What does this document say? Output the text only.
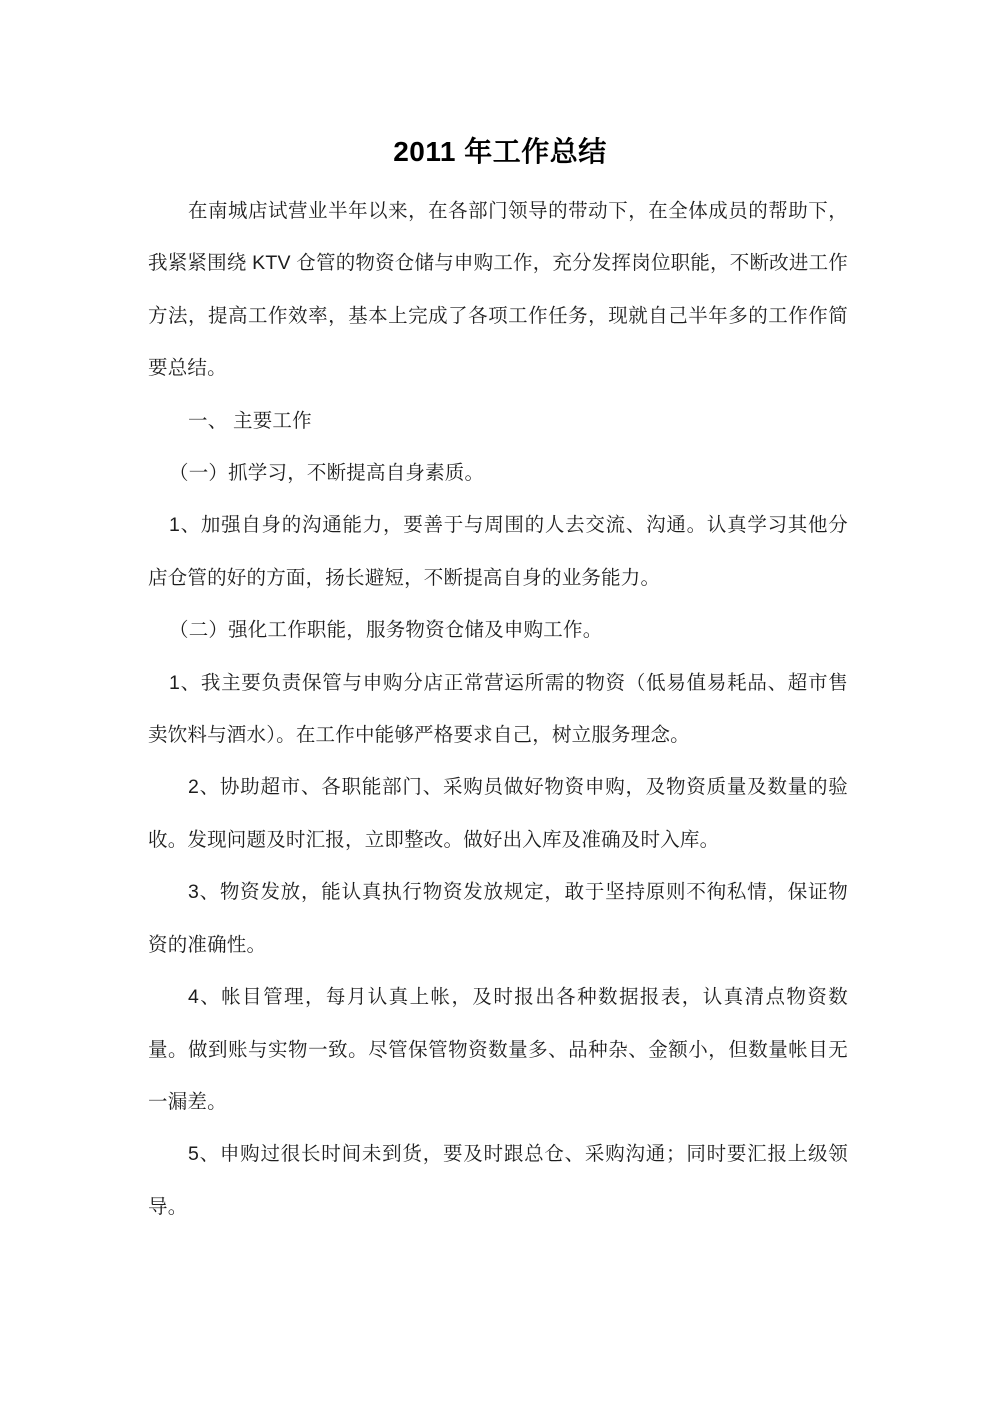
2011 年工作总结

在南城店试营业半年以来，在各部门领导的带动下，在全体成员的帮助下，我紧紧围绕 KTV 仓管的物资仓储与申购工作，充分发挥岗位职能，不断改进工作方法，提高工作效率，基本上完成了各项工作任务，现就自己半年多的工作作简要总结。

一、 主要工作

（一）抓学习，不断提高自身素质。

1、加强自身的沟通能力，要善于与周围的人去交流、沟通。认真学习其他分店仓管的好的方面，扬长避短，不断提高自身的业务能力。

（二）强化工作职能，服务物资仓储及申购工作。

1、我主要负责保管与申购分店正常营运所需的物资（低易值易耗品、超市售卖饮料与酒水）。在工作中能够严格要求自己，树立服务理念。

2、协助超市、各职能部门、采购员做好物资申购，及物资质量及数量的验收。发现问题及时汇报，立即整改。做好出入库及准确及时入库。

3、物资发放，能认真执行物资发放规定，敢于坚持原则不徇私情，保证物资的准确性。

4、帐目管理，每月认真上帐，及时报出各种数据报表，认真清点物资数量。做到账与实物一致。尽管保管物资数量多、品种杂、金额小，但数量帐目无一漏差。

5、申购过很长时间未到货，要及时跟总仓、采购沟通；同时要汇报上级领导。
